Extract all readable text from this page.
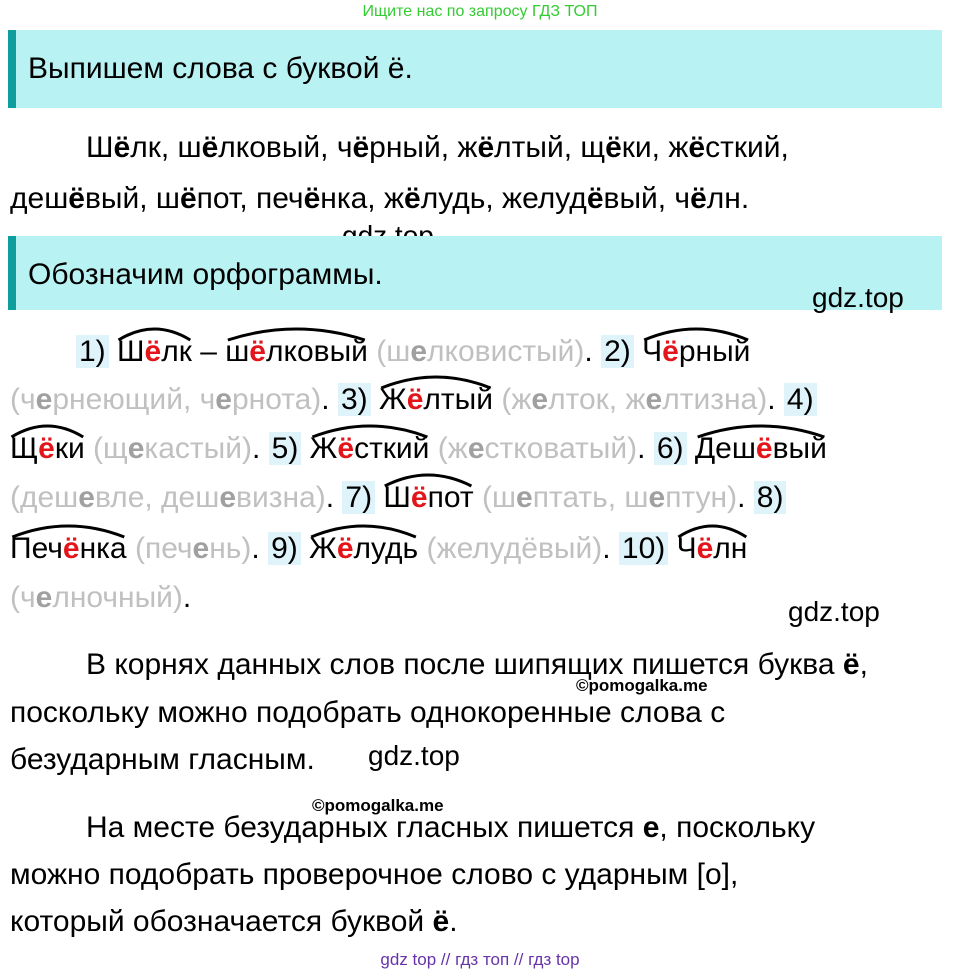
Ищите нас по запросу ГДЗ ТОП
Выпишем слова с буквой ё.
Шёлк, шёлковый, чёрный, жёлтый, щёки, жёсткий,
дешёвый, шёпот, печёнка, жёлудь, желудёвый, чёлн.
Обозначим орфограммы.
gdz.top
1) Шёлк –
шёлковый (шелковистый). 2) Чёрный
(чернеющий, чернота). 3) Жёлтый (желток, желтизна). 4)
Щёки (щекастый). 5) Жёсткий (жестковатый). 6) Дешёвый
(дешевле, дешевизна). 7) Шёпот (шептать, шептун). 8)
Печёнка (печень). 9) Жёлудь (желудёвый). 10) Чёлн
(челночный).	gdz.top
В корнях данных слов после шипящих пишется буква ё,
©pomogalka.me
поскольку можно подобрать однокоренные слова с
безударным гласным. gdz.top
©pomogalka.me
На месте безударных гласных пишется е, поскольку
можно подобрать проверочное слово с ударным [о],
который обозначается буквой ё.
gdz top // гдз топ // гдз top
